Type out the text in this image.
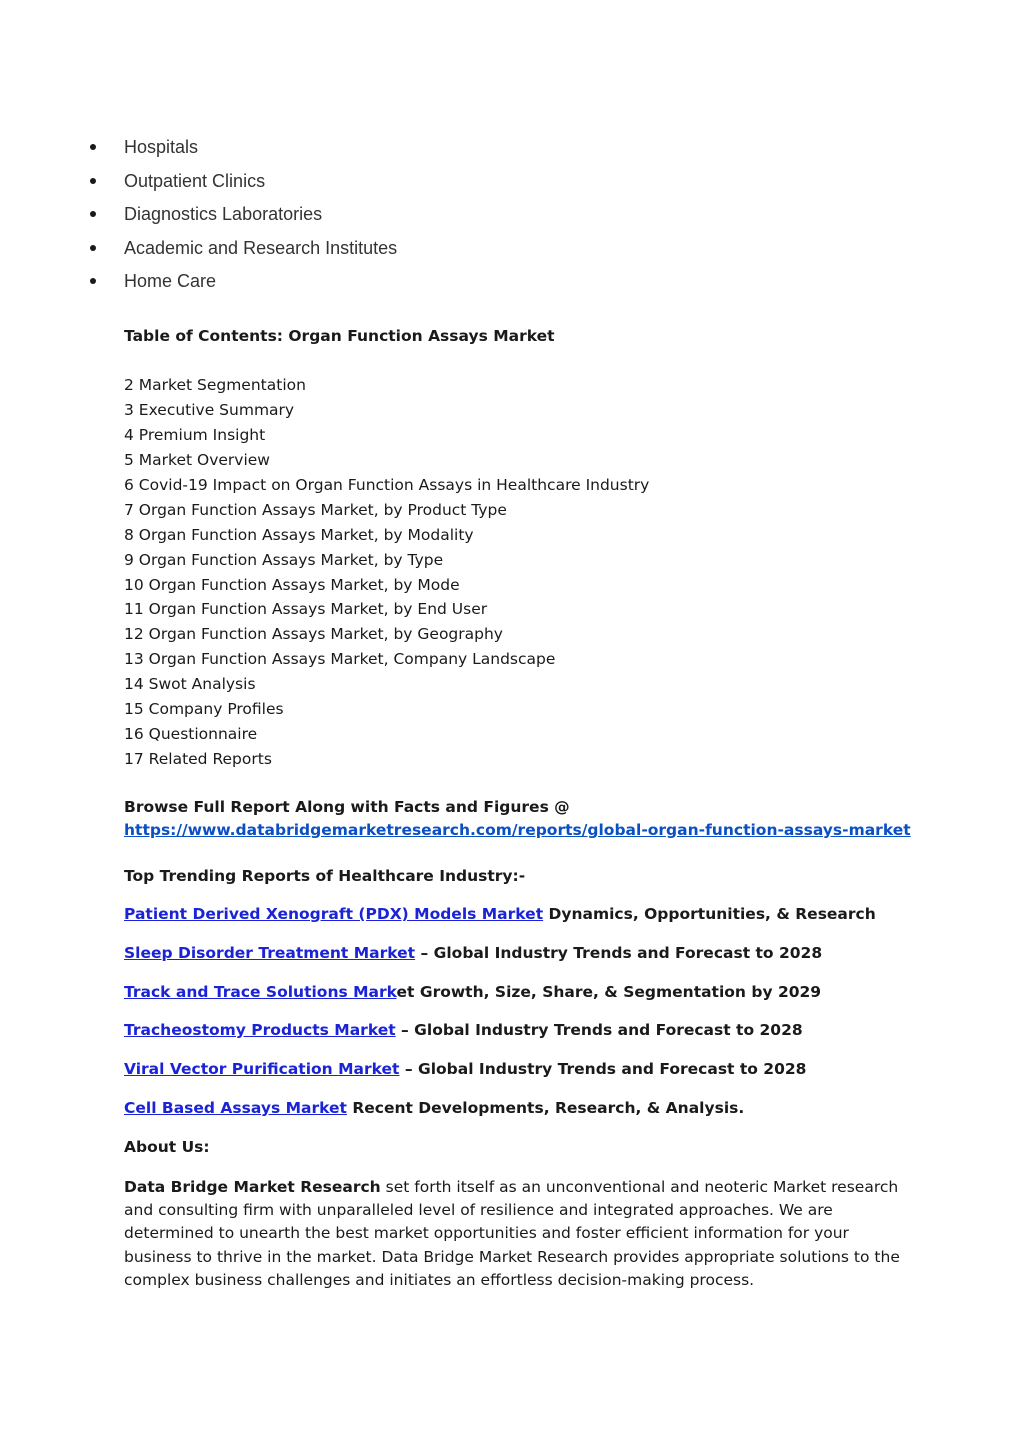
Hospitals
Outpatient Clinics
Diagnostics Laboratories
Academic and Research Institutes
Home Care
Table of Contents: Organ Function Assays Market
2 Market Segmentation
3 Executive Summary
4 Premium Insight
5 Market Overview
6 Covid-19 Impact on Organ Function Assays in Healthcare Industry
7 Organ Function Assays Market, by Product Type
8 Organ Function Assays Market, by Modality
9 Organ Function Assays Market, by Type
10 Organ Function Assays Market, by Mode
11 Organ Function Assays Market, by End User
12 Organ Function Assays Market, by Geography
13 Organ Function Assays Market, Company Landscape
14 Swot Analysis
15 Company Profiles
16 Questionnaire
17 Related Reports
Browse Full Report Along with Facts and Figures @
https://www.databridgemarketresearch.com/reports/global-organ-function-assays-market
Top Trending Reports of Healthcare Industry:-
Patient Derived Xenograft (PDX) Models Market Dynamics, Opportunities, & Research
Sleep Disorder Treatment Market – Global Industry Trends and Forecast to 2028
Track and Trace Solutions Market Growth, Size, Share, & Segmentation by 2029
Tracheostomy Products Market – Global Industry Trends and Forecast to 2028
Viral Vector Purification Market – Global Industry Trends and Forecast to 2028
Cell Based Assays Market Recent Developments, Research, & Analysis.
About Us:
Data Bridge Market Research set forth itself as an unconventional and neoteric Market research and consulting firm with unparalleled level of resilience and integrated approaches. We are determined to unearth the best market opportunities and foster efficient information for your business to thrive in the market. Data Bridge Market Research provides appropriate solutions to the complex business challenges and initiates an effortless decision-making process.
